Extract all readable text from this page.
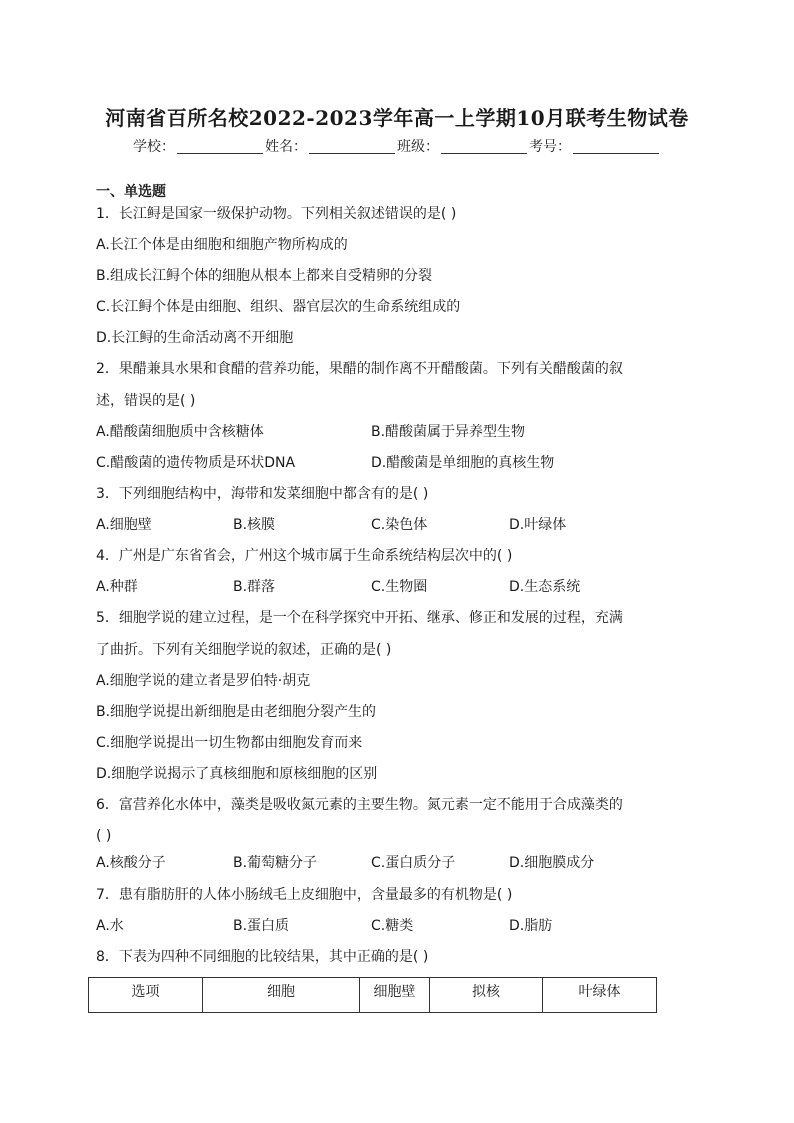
河南省百所名校2022-2023学年高一上学期10月联考生物试卷
学校：	姓名：	班级：	考号：
一、单选题
1．长江鲟是国家一级保护动物。下列相关叙述错误的是( )
A.长江个体是由细胞和细胞产物所构成的
B.组成长江鲟个体的细胞从根本上都来自受精卵的分裂
C.长江鲟个体是由细胞、组织、器官层次的生命系统组成的
D.长江鲟的生命活动离不开细胞
2．果醋兼具水果和食醋的营养功能，果醋的制作离不开醋酸菌。下列有关醋酸菌的叙
述，错误的是( )
A.醋酸菌细胞质中含核糖体	B.醋酸菌属于异养型生物
C.醋酸菌的遗传物质是环状DNA	D.醋酸菌是单细胞的真核生物
3．下列细胞结构中，海带和发菜细胞中都含有的是( )
A.细胞壁	B.核膜	C.染色体	D.叶绿体
4．广州是广东省省会，广州这个城市属于生命系统结构层次中的( )
A.种群	B.群落	C.生物圈	D.生态系统
5．细胞学说的建立过程，是一个在科学探究中开拓、继承、修正和发展的过程，充满
了曲折。下列有关细胞学说的叙述，正确的是( )
A.细胞学说的建立者是罗伯特·胡克
B.细胞学说提出新细胞是由老细胞分裂产生的
C.细胞学说提出一切生物都由细胞发育而来
D.细胞学说揭示了真核细胞和原核细胞的区别
6．富营养化水体中，藻类是吸收氮元素的主要生物。氮元素一定不能用于合成藻类的
( )
A.核酸分子	B.葡萄糖分子	C.蛋白质分子	D.细胞膜成分
7．患有脂肪肝的人体小肠绒毛上皮细胞中，含量最多的有机物是( )
A.水	B.蛋白质	C.糖类	D.脂肪
8．下表为四种不同细胞的比较结果，其中正确的是( )
选项	细胞	细胞壁	拟核	叶绿体
